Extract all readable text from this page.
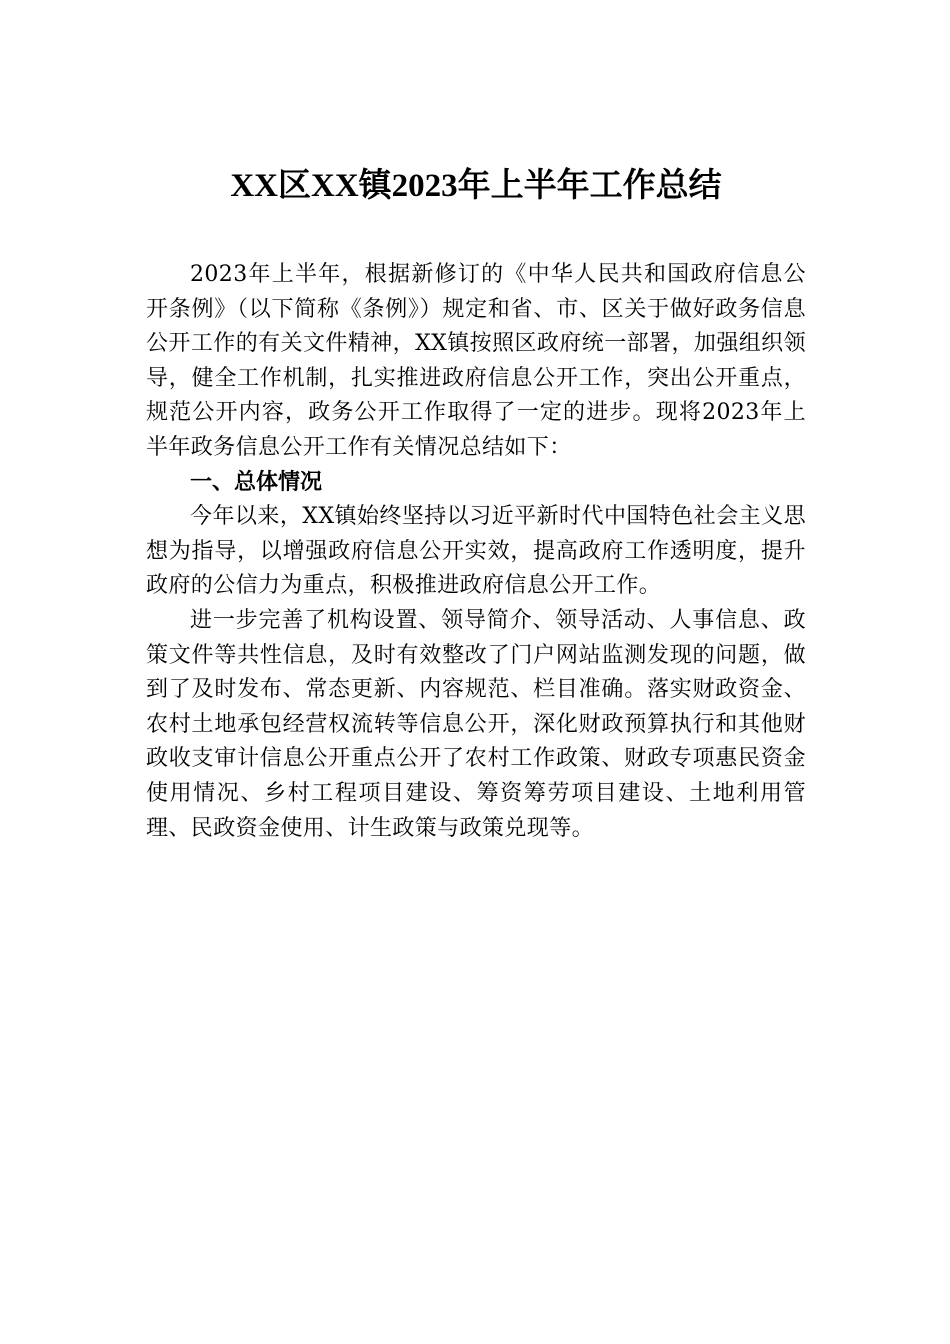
XX区XX镇2023年上半年工作总结

2023年上半年，根据新修订的《中华人民共和国政府信息公开条例》（以下简称《条例》）规定和省、市、区关于做好政务信息公开工作的有关文件精神，XX镇按照区政府统一部署，加强组织领导，健全工作机制，扎实推进政府信息公开工作，突出公开重点，规范公开内容，政务公开工作取得了一定的进步。现将2023年上半年政务信息公开工作有关情况总结如下：

一、总体情况

今年以来，XX镇始终坚持以习近平新时代中国特色社会主义思想为指导，以增强政府信息公开实效，提高政府工作透明度，提升政府的公信力为重点，积极推进政府信息公开工作。

进一步完善了机构设置、领导简介、领导活动、人事信息、政策文件等共性信息，及时有效整改了门户网站监测发现的问题，做到了及时发布、常态更新、内容规范、栏目准确。落实财政资金、农村土地承包经营权流转等信息公开，深化财政预算执行和其他财政收支审计信息公开重点公开了农村工作政策、财政专项惠民资金使用情况、乡村工程项目建设、筹资筹劳项目建设、土地利用管理、民政资金使用、计生政策与政策兑现等。
